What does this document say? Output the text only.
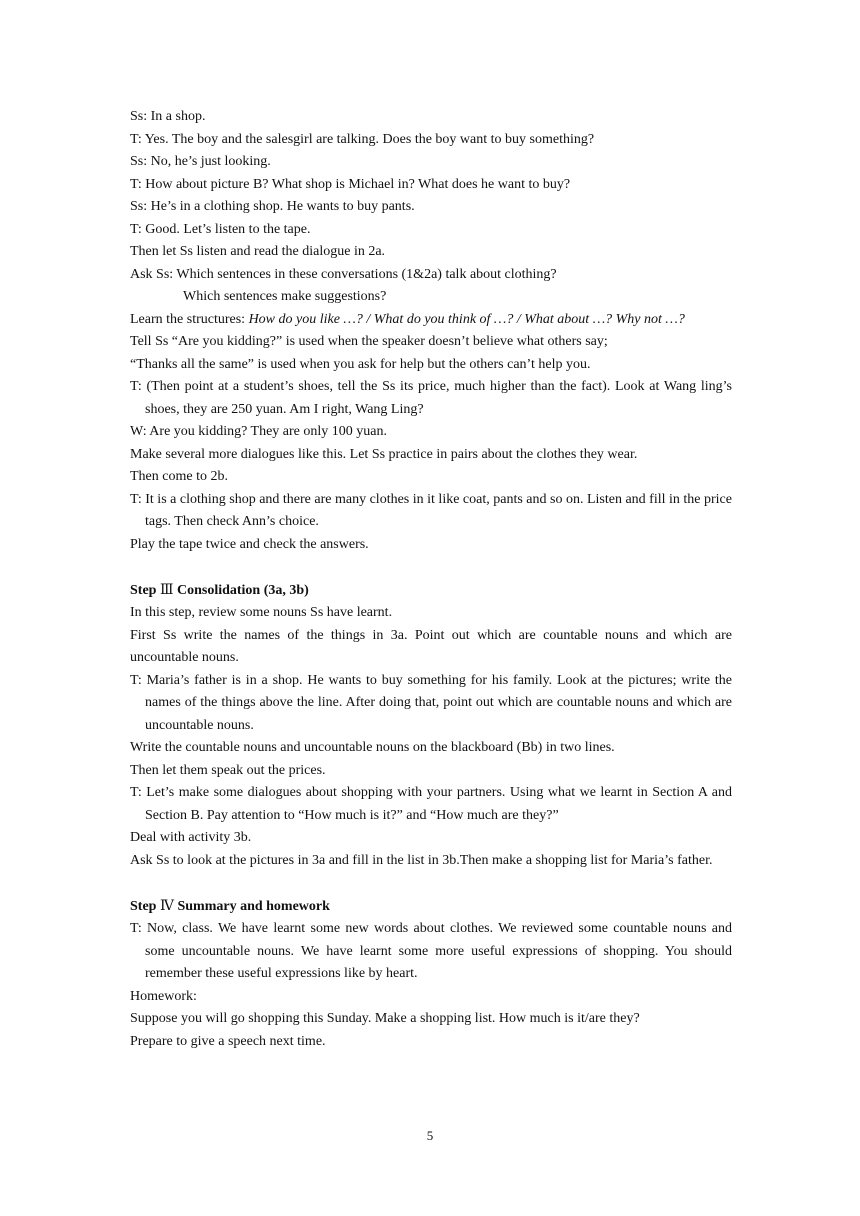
Ss: In a shop.

T: Yes. The boy and the salesgirl are talking. Does the boy want to buy something?

Ss: No, he’s just looking.

T: How about picture B? What shop is Michael in? What does he want to buy?

Ss: He’s in a clothing shop. He wants to buy pants.

T: Good. Let’s listen to the tape.

Then let Ss listen and read the dialogue in 2a.

Ask Ss: Which sentences in these conversations (1&2a) talk about clothing?

Which sentences make suggestions?

Learn the structures: How do you like …? / What do you think of …? / What about …? Why not …?

Tell Ss “Are you kidding?” is used when the speaker doesn’t believe what others say;

“Thanks all the same” is used when you ask for help but the others can’t help you.

T: (Then point at a student’s shoes, tell the Ss its price, much higher than the fact). Look at Wang ling’s shoes, they are 250 yuan. Am I right, Wang Ling?

W: Are you kidding? They are only 100 yuan.

Make several more dialogues like this. Let Ss practice in pairs about the clothes they wear.

Then come to 2b.

T: It is a clothing shop and there are many clothes in it like coat, pants and so on. Listen and fill in the price tags. Then check Ann’s choice.

Play the tape twice and check the answers.

Step Ⅲ Consolidation (3a, 3b)

In this step, review some nouns Ss have learnt.

First Ss write the names of the things in 3a. Point out which are countable nouns and which are uncountable nouns.

T: Maria’s father is in a shop. He wants to buy something for his family. Look at the pictures; write the names of the things above the line. After doing that, point out which are countable nouns and which are uncountable nouns.

Write the countable nouns and uncountable nouns on the blackboard (Bb) in two lines.

Then let them speak out the prices.

T: Let’s make some dialogues about shopping with your partners. Using what we learnt in Section A and Section B. Pay attention to “How much is it?” and “How much are they?”

Deal with activity 3b.

Ask Ss to look at the pictures in 3a and fill in the list in 3b.Then make a shopping list for Maria’s father.

Step Ⅳ Summary and homework

T: Now, class. We have learnt some new words about clothes. We reviewed some countable nouns and some uncountable nouns. We have learnt some more useful expressions of shopping. You should remember these useful expressions like by heart.

Homework:

Suppose you will go shopping this Sunday. Make a shopping list. How much is it/are they?

Prepare to give a speech next time.

5
